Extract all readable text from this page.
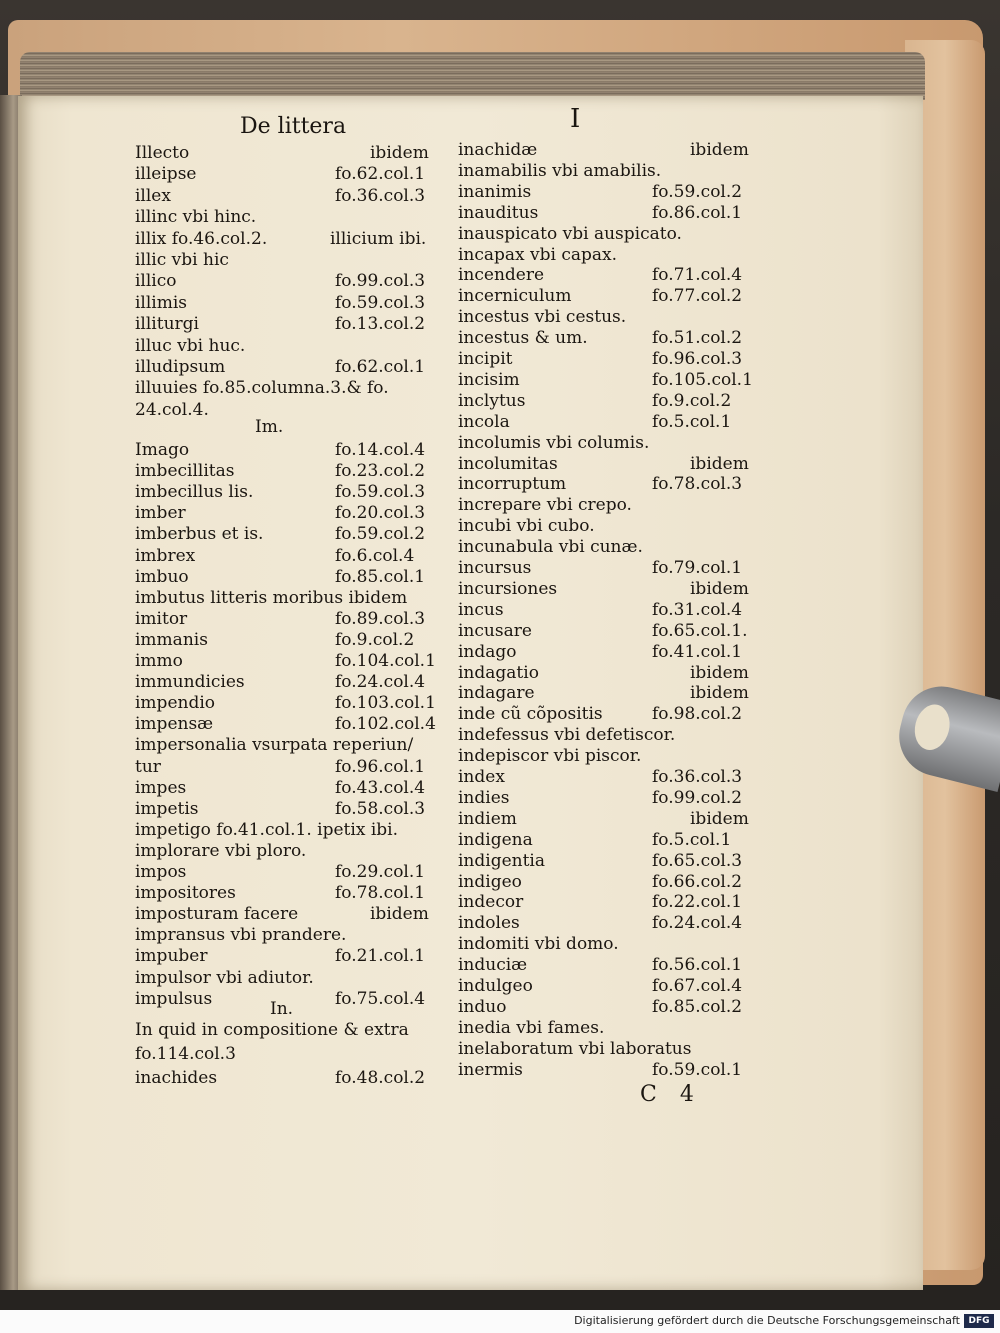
De littera	I
Illecto	ibidem
illeipse	fo.62.col.1
illex	fo.36.col.3
illinc vbi hinc.
illix fo.46.col.2.	illicium ibi.
illic vbi hic
illico	fo.99.col.3
illimis	fo.59.col.3
illiturgi	fo.13.col.2
illuc vbi huc.
illudipsum	fo.62.col.1
illuuies fo.85.columna.3.& fo.
24.col.4.
Imago	fo.14.col.4
imbecillitas	fo.23.col.2
imbecillus lis.	fo.59.col.3
imber	fo.20.col.3
imberbus et is.	fo.59.col.2
imbrex	fo.6.col.4
imbuo	fo.85.col.1
imbutus litteris moribus ibidem
imitor	fo.89.col.3
immanis	fo.9.col.2
immo	fo.104.col.1
immundicies	fo.24.col.4
impendio	fo.103.col.1
impensæ	fo.102.col.4
impersonalia vsurpata reperiun/
tur	fo.96.col.1
impes	fo.43.col.4
impetis	fo.58.col.3
impetigo fo.41.col.1. ipetix ibi.
implorare vbi ploro.
impos	fo.29.col.1
impositores	fo.78.col.1
imposturam facere	ibidem
impransus vbi prandere.
impuber	fo.21.col.1
impulsor vbi adiutor.
impulsus	fo.75.col.4
In quid in compositione & extra
fo.114.col.3
inachides	fo.48.col.2
inachidæ	ibidem
inamabilis vbi amabilis.
inanimis	fo.59.col.2
inauditus	fo.86.col.1
inauspicato vbi auspicato.
incapax vbi capax.
incendere	fo.71.col.4
incerniculum	fo.77.col.2
incestus vbi cestus.
incestus & um.	fo.51.col.2
incipit	fo.96.col.3
incisim	fo.105.col.1
inclytus	fo.9.col.2
incola	fo.5.col.1
incolumis vbi columis.
incolumitas	ibidem
incorruptum	fo.78.col.3
increpare vbi crepo.
incubi vbi cubo.
incunabula vbi cunæ.
incursus	fo.79.col.1
incursiones	ibidem
incus	fo.31.col.4
incusare	fo.65.col.1.
indago	fo.41.col.1
indagatio	ibidem
indagare	ibidem
inde cũ cõpositis	fo.98.col.2
indefessus vbi defetiscor.
indepiscor vbi piscor.
index	fo.36.col.3
indies	fo.99.col.2
indiem	ibidem
indigena	fo.5.col.1
indigentia	fo.65.col.3
indigeo	fo.66.col.2
indecor	fo.22.col.1
indoles	fo.24.col.4
indomiti vbi domo.
induciæ	fo.56.col.1
indulgeo	fo.67.col.4
induo	fo.85.col.2
inedia vbi fames.
inelaboratum vbi laboratus
inermis	fo.59.col.1
Im.
In.
C 4
Digitalisierung gefördert durch die Deutsche Forschungsgemeinschaft DFG
